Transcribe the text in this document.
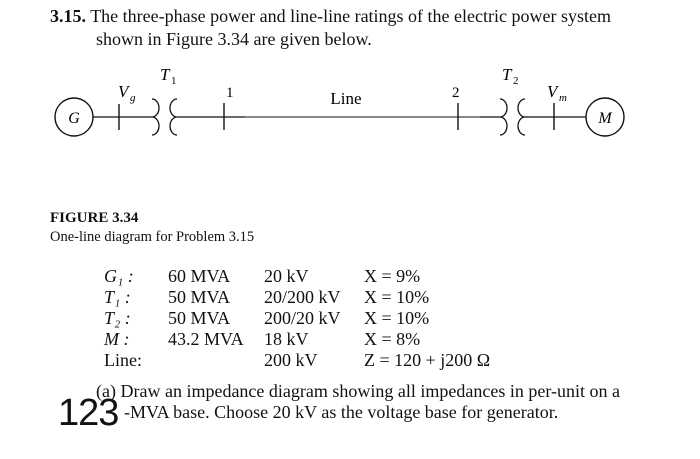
3.15. The three-phase power and line-line ratings of the electric power system
shown in Figure 3.34 are given below.
G
V g
T 1
1	Line	2
T 2
V m
M
FIGURE 3.34
One-line diagram for Problem 3.15
G₁ :	60 MVA	20 kV	X = 9%
T₁ :	50 MVA	20/200 kV	X = 10%
T₂ :	50 MVA	200/20 kV	X = 10%
M :	43.2 MVA	18 kV	X = 8%
Line:		200 kV	Z = 120 + j200 Ω
(a) Draw an impedance diagram showing all impedances in per-unit on a
-MVA base. Choose 20 kV as the voltage base for generator.
123
